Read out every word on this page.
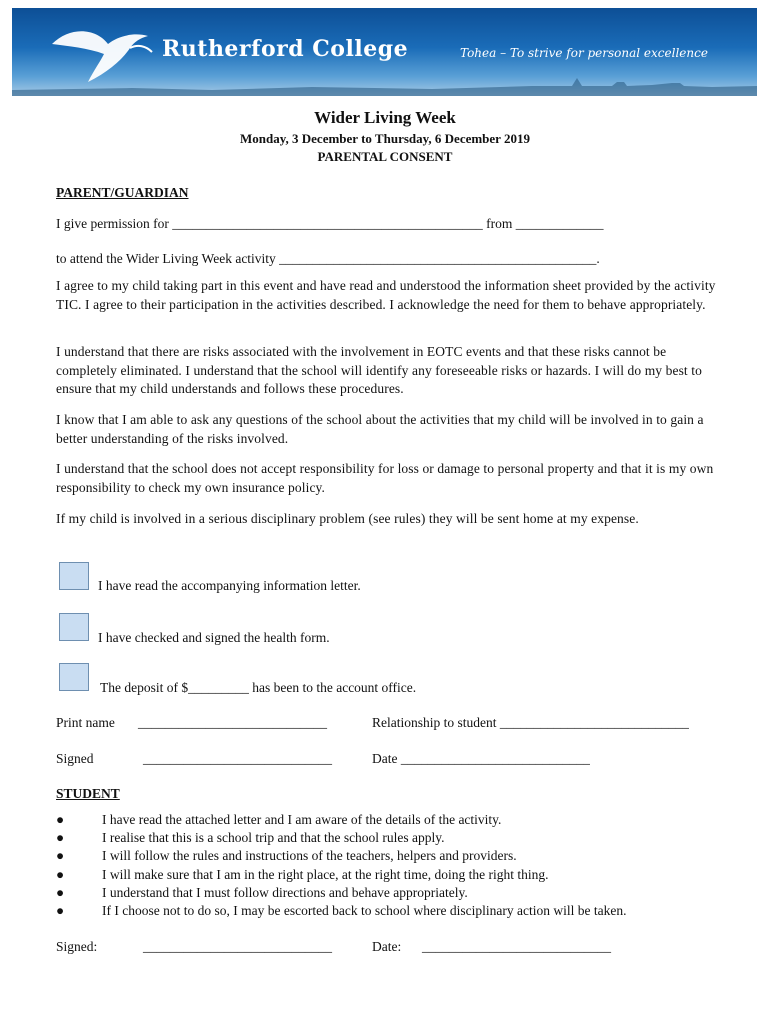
Rutherford College	Tohea – To strive for personal excellence
Wider Living Week
Monday, 3 December to Thursday, 6 December 2019
PARENTAL CONSENT
PARENT/GUARDIAN
I give permission for ______________________________________________ from _____________
to attend the Wider Living Week activity _______________________________________________.
I agree to my child taking part in this event and have read and understood the information sheet provided by the activity TIC. I agree to their participation in the activities described. I acknowledge the need for them to behave appropriately.
I understand that there are risks associated with the involvement in EOTC events and that these risks cannot be completely eliminated. I understand that the school will identify any foreseeable risks or hazards. I will do my best to ensure that my child understands and follows these procedures.
I know that I am able to ask any questions of the school about the activities that my child will be involved in to gain a better understanding of the risks involved.
I understand that the school does not accept responsibility for loss or damage to personal property and that it is my own responsibility to check my own insurance policy.
If my child is involved in a serious disciplinary problem (see rules) they will be sent home at my expense.
I have read the accompanying information letter.
I have checked and signed the health form.
The deposit of $_________ has been to the account office.
Print name ____________________________	Relationship to student ____________________________
Signed	____________________________	Date ____________________________
STUDENT
●	I have read the attached letter and I am aware of the details of the activity.
●	I realise that this is a school trip and that the school rules apply.
●	I will follow the rules and instructions of the teachers, helpers and providers.
●	I will make sure that I am in the right place, at the right time, doing the right thing.
●	I understand that I must follow directions and behave appropriately.
●	If I choose not to do so, I may be escorted back to school where disciplinary action will be taken.
Signed:	____________________________	Date: ____________________________
